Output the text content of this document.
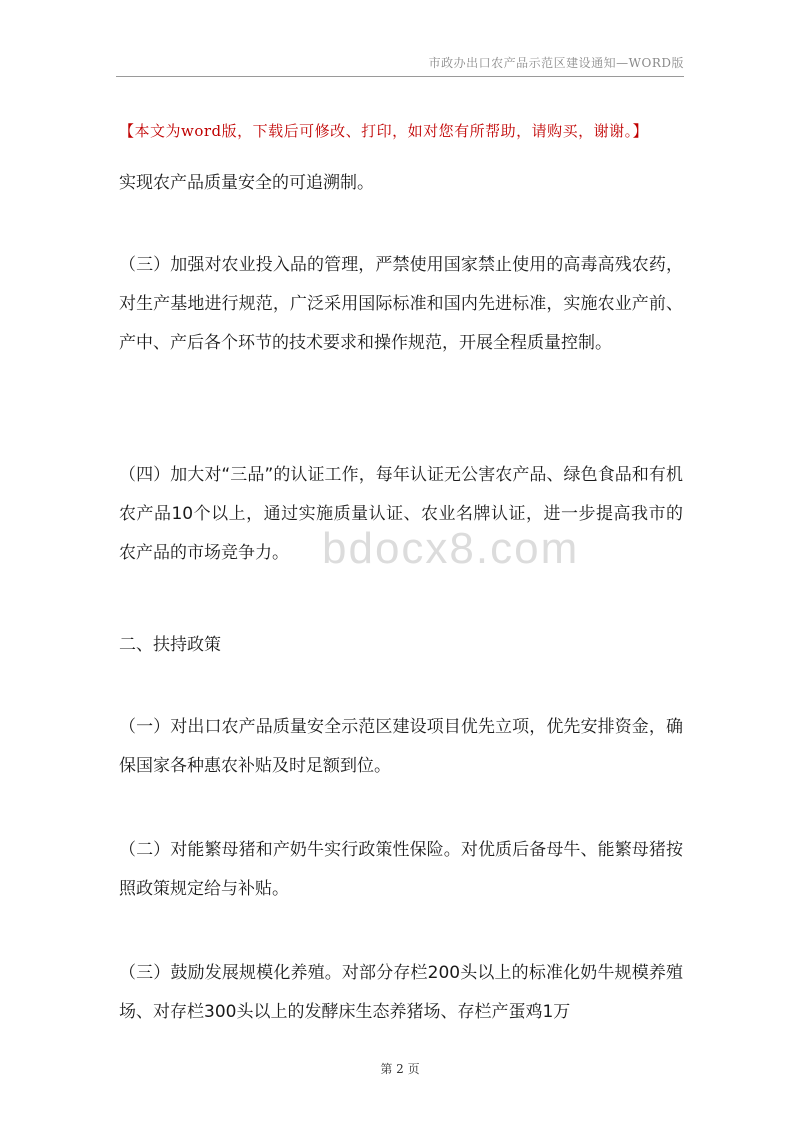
市政办出口农产品示范区建设通知—WORD版
【本文为word版，下载后可修改、打印，如对您有所帮助，请购买，谢谢。】

实现农产品质量安全的可追溯制。

（三）加强对农业投入品的管理，严禁使用国家禁止使用的高毒高残农药，对生产基地进行规范，广泛采用国际标准和国内先进标准，实施农业产前、产中、产后各个环节的技术要求和操作规范，开展全程质量控制。

（四）加大对“三品”的认证工作，每年认证无公害农产品、绿色食品和有机农产品10个以上，通过实施质量认证、农业名牌认证，进一步提高我市的农产品的市场竞争力。

二、扶持政策

（一）对出口农产品质量安全示范区建设项目优先立项，优先安排资金，确保国家各种惠农补贴及时足额到位。

（二）对能繁母猪和产奶牛实行政策性保险。对优质后备母牛、能繁母猪按照政策规定给与补贴。

（三）鼓励发展规模化养殖。对部分存栏200头以上的标准化奶牛规模养殖场、对存栏300头以上的发酵床生态养猪场、存栏产蛋鸡1万

bdocx8.com
第 2 页
